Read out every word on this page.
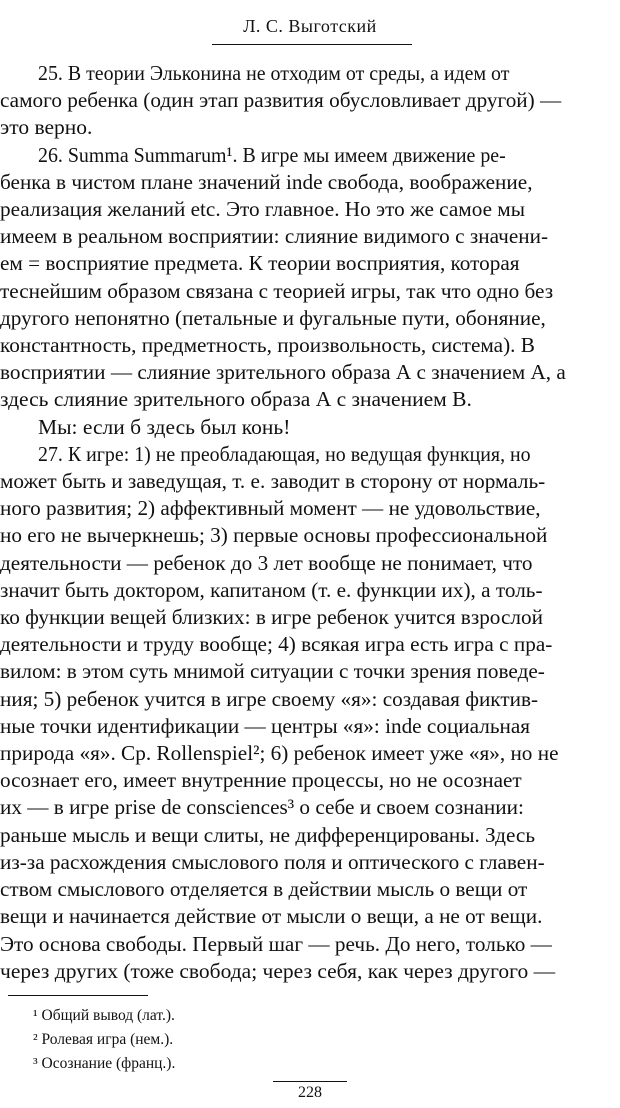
Л. С. Выготский
25. В теории Эльконина не отходим от среды, а идем от
самого ребенка (один этап развития обусловливает другой) —
это верно.
26. Summa Summarum¹. В игре мы имеем движение ре-
бенка в чистом плане значений inde свобода, воображение,
реализация желаний etc. Это главное. Но это же самое мы
имеем в реальном восприятии: слияние видимого с значени-
ем = восприятие предмета. К теории восприятия, которая
теснейшим образом связана с теорией игры, так что одно без
другого непонятно (петальные и фугальные пути, обоняние,
константность, предметность, произвольность, система). В
восприятии — слияние зрительного образа А с значением А, а
здесь слияние зрительного образа А с значением В.
Мы: если б здесь был конь!
27. К игре: 1) не преобладающая, но ведущая функция, но
может быть и заведущая, т. е. заводит в сторону от нормаль-
ного развития; 2) аффективный момент — не удовольствие,
но его не вычеркнешь; 3) первые основы профессиональной
деятельности — ребенок до 3 лет вообще не понимает, что
значит быть доктором, капитаном (т. е. функции их), а толь-
ко функции вещей близких: в игре ребенок учится взрослой
деятельности и труду вообще; 4) всякая игра есть игра с пра-
вилом: в этом суть мнимой ситуации с точки зрения поведе-
ния; 5) ребенок учится в игре своему «я»: создавая фиктив-
ные точки идентификации — центры «я»: inde социальная
природа «я». Ср. Rollenspiel²; 6) ребенок имеет уже «я», но не
осознает его, имеет внутренние процессы, но не осознает
их — в игре prise de consciences³ о себе и своем сознании:
раньше мысль и вещи слиты, не дифференцированы. Здесь
из-за расхождения смыслового поля и оптического с главен-
ством смыслового отделяется в действии мысль о вещи от
вещи и начинается действие от мысли о вещи, а не от вещи.
Это основа свободы. Первый шаг — речь. До него, только —
через других (тоже свобода; через себя, как через другого —
¹ Общий вывод (лат.).
² Ролевая игра (нем.).
³ Осознание (франц.).
228
